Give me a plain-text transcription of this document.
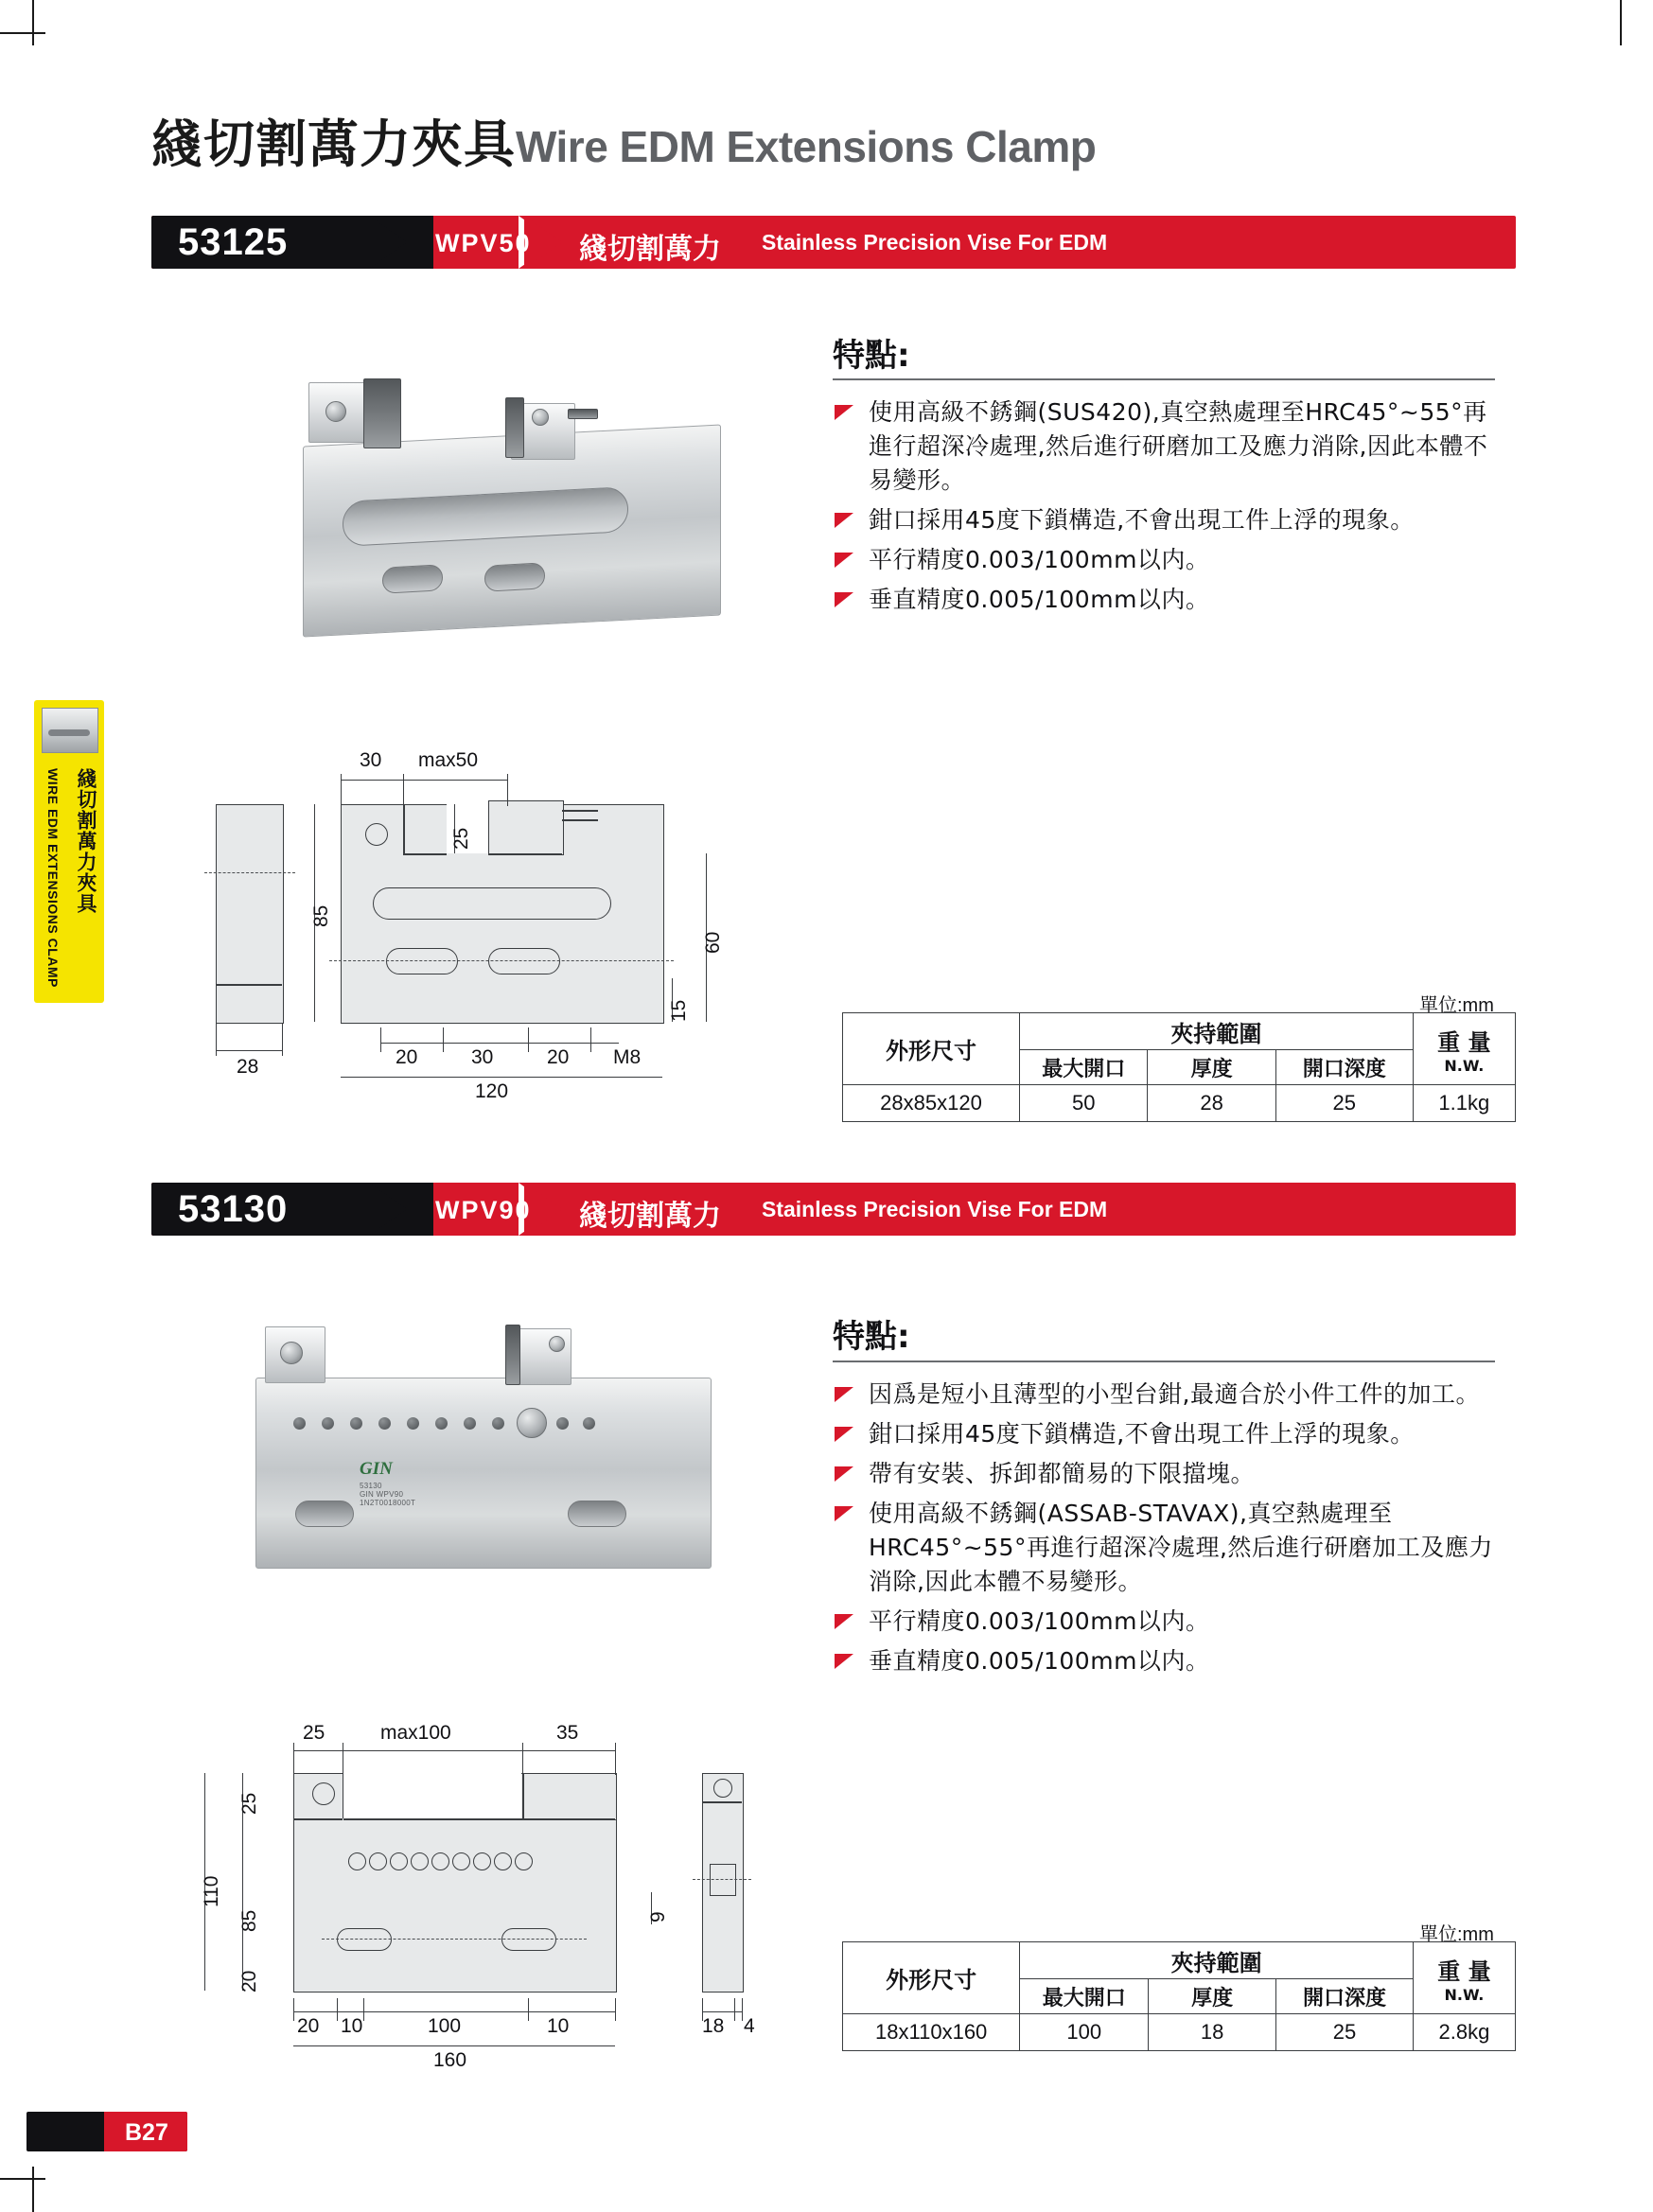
綫切割萬力夾具Wire EDM Extensions Clamp
綫切割萬力夾具
WIRE EDM EXTENSIONS CLAMP
53125	WPV50 綫切割萬力 Stainless Precision Vise For EDM
特點:
使用高級不銹鋼(SUS420),真空熱處理至HRC45°~55°再進行超深冷處理,然后進行研磨加工及應力消除,因此本體不易變形。
鉗口採用45度下鎖構造,不會出現工件上浮的現象。
平行精度0.003/100mm以内。
垂直精度0.005/100mm以内。
28
30 max50
25
85
60
15
20	30	20 M8
120
單位:mm
外形尺寸	夾持範圍			重 量
N.W.

	最大開口	厚度	開口深度	
28x85x120	50	28	25	1.1kg
53130	WPV90 綫切割萬力 Stainless Precision Vise For EDM
GIN
53130
GIN WPV90
1N2T0018000T
特點:
因爲是短小且薄型的小型台鉗,最適合於小件工件的加工。
鉗口採用45度下鎖構造,不會出現工件上浮的現象。
帶有安裝、拆卸都簡易的下限擋塊。
使用高級不銹鋼(ASSAB-STAVAX),真空熱處理至HRC45°~55°再進行超深冷處理,然后進行研磨加工及應力消除,因此本體不易變形。
平行精度0.003/100mm以内。
垂直精度0.005/100mm以内。
25	max100	35
25
110
85
20
9
20 10	100	10
160
18 4
單位:mm
外形尺寸	夾持範圍			重 量
N.W.

	最大開口	厚度	開口深度	
18x110x160	100	18	25	2.8kg
B27
